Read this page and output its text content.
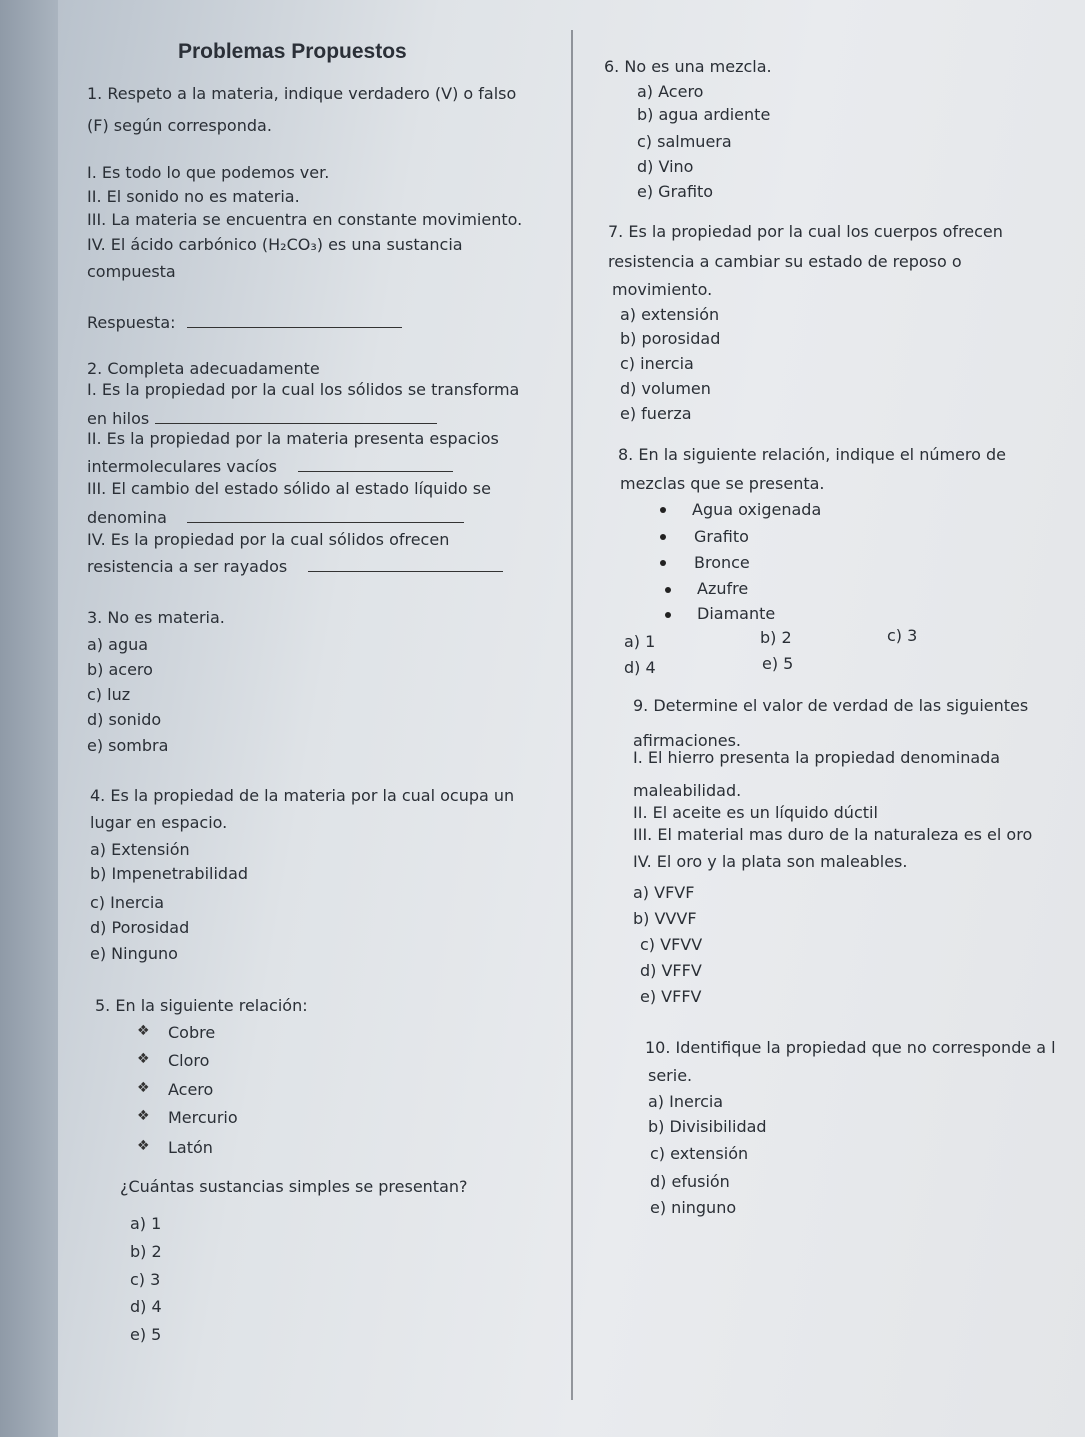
Problemas Propuestos
1. Respeto a la materia, indique verdadero (V) o falso
(F) según corresponda.
I. Es todo lo que podemos ver.
II. El sonido no es materia.
III. La materia se encuentra en constante movimiento.
IV. El ácido carbónico (H₂CO₃) es una sustancia
compuesta
Respuesta:
2. Completa adecuadamente
I. Es la propiedad por la cual los sólidos se transforma
en hilos
II. Es la propiedad por la materia presenta espacios
intermoleculares vacíos
III. El cambio del estado sólido al estado líquido se
denomina
IV. Es la propiedad por la cual sólidos ofrecen
resistencia a ser rayados
3. No es materia.
a) agua
b) acero
c) luz
d) sonido
e) sombra
4. Es la propiedad de la materia por la cual ocupa un
lugar en espacio.
a) Extensión
b) Impenetrabilidad
c) Inercia
d) Porosidad
e) Ninguno
5. En la siguiente relación:
❖ Cobre
❖ Cloro
❖ Acero
❖ Mercurio
❖ Latón
¿Cuántas sustancias simples se presentan?
a) 1
b) 2
c) 3
d) 4
e) 5
6. No es una mezcla.
a) Acero
b) agua ardiente
c) salmuera
d) Vino
e) Grafito
7. Es la propiedad por la cual los cuerpos ofrecen
resistencia a cambiar su estado de reposo o
movimiento.
a) extensión
b) porosidad
c) inercia
d) volumen
e) fuerza
8. En la siguiente relación, indique el número de
mezclas que se presenta.
Agua oxigenada
Grafito
Bronce
Azufre
Diamante
a) 1	b) 2	c) 3
d) 4	e) 5
9. Determine el valor de verdad de las siguientes
afirmaciones.
I. El hierro presenta la propiedad denominada
maleabilidad.
II. El aceite es un líquido dúctil
III. El material mas duro de la naturaleza es el oro
IV. El oro y la plata son maleables.
a) VFVF
b) VVVF
c) VFVV
d) VFFV
e) VFFV
10. Identifique la propiedad que no corresponde a l
serie.
a) Inercia
b) Divisibilidad
c) extensión
d) efusión
e) ninguno
